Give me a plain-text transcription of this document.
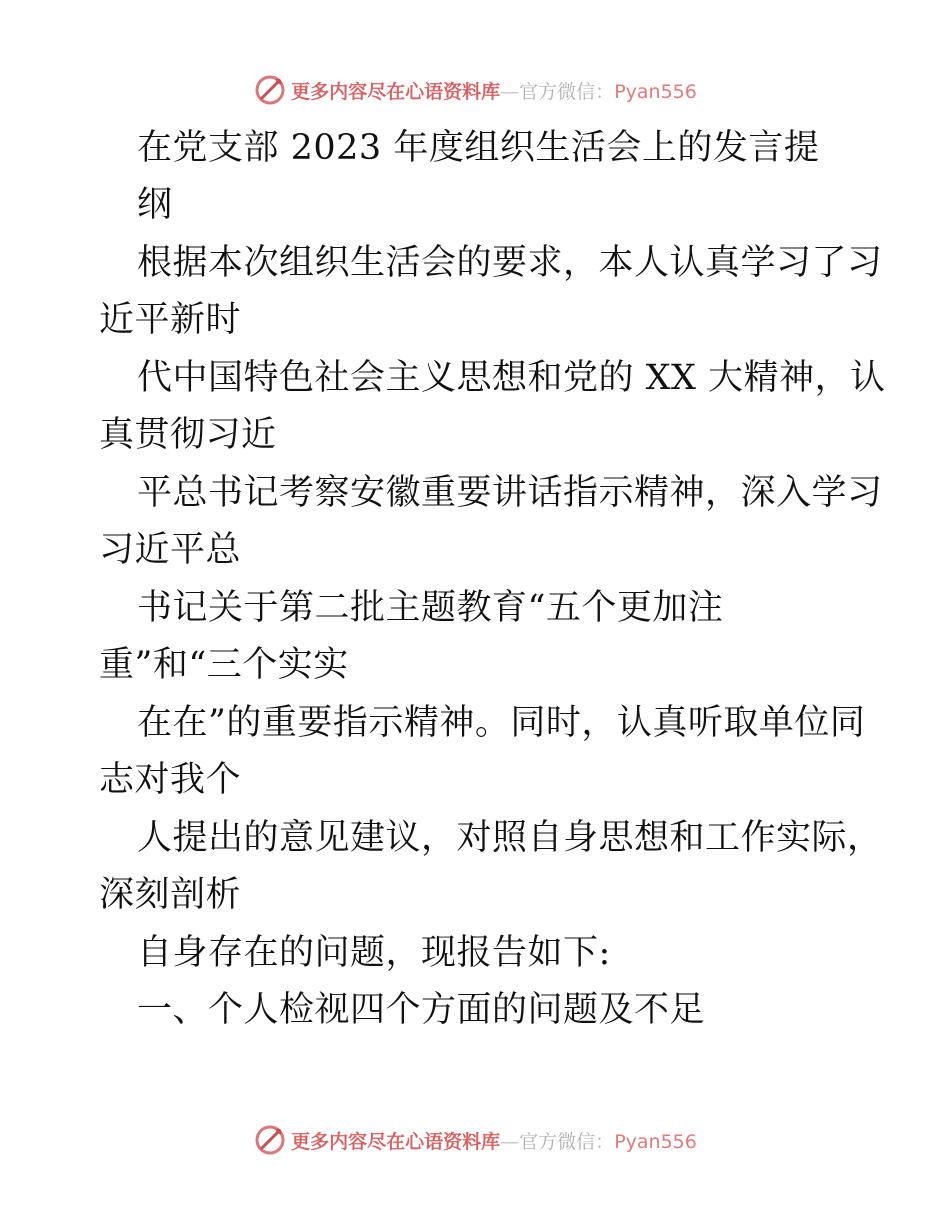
更多内容尽在心语资料库—官方微信：Pyan556
在党支部 2023 年度组织生活会上的发言提
纲
根据本次组织生活会的要求，本人认真学习了习
近平新时
代中国特色社会主义思想和党的 XX 大精神，认
真贯彻习近
平总书记考察安徽重要讲话指示精神，深入学习
习近平总
书记关于第二批主题教育“五个更加注
重”和“三个实实
在在”的重要指示精神。同时，认真听取单位同
志对我个
人提出的意见建议，对照自身思想和工作实际，
深刻剖析
自身存在的问题，现报告如下:
一、个人检视四个方面的问题及不足
更多内容尽在心语资料库—官方微信：Pyan556
